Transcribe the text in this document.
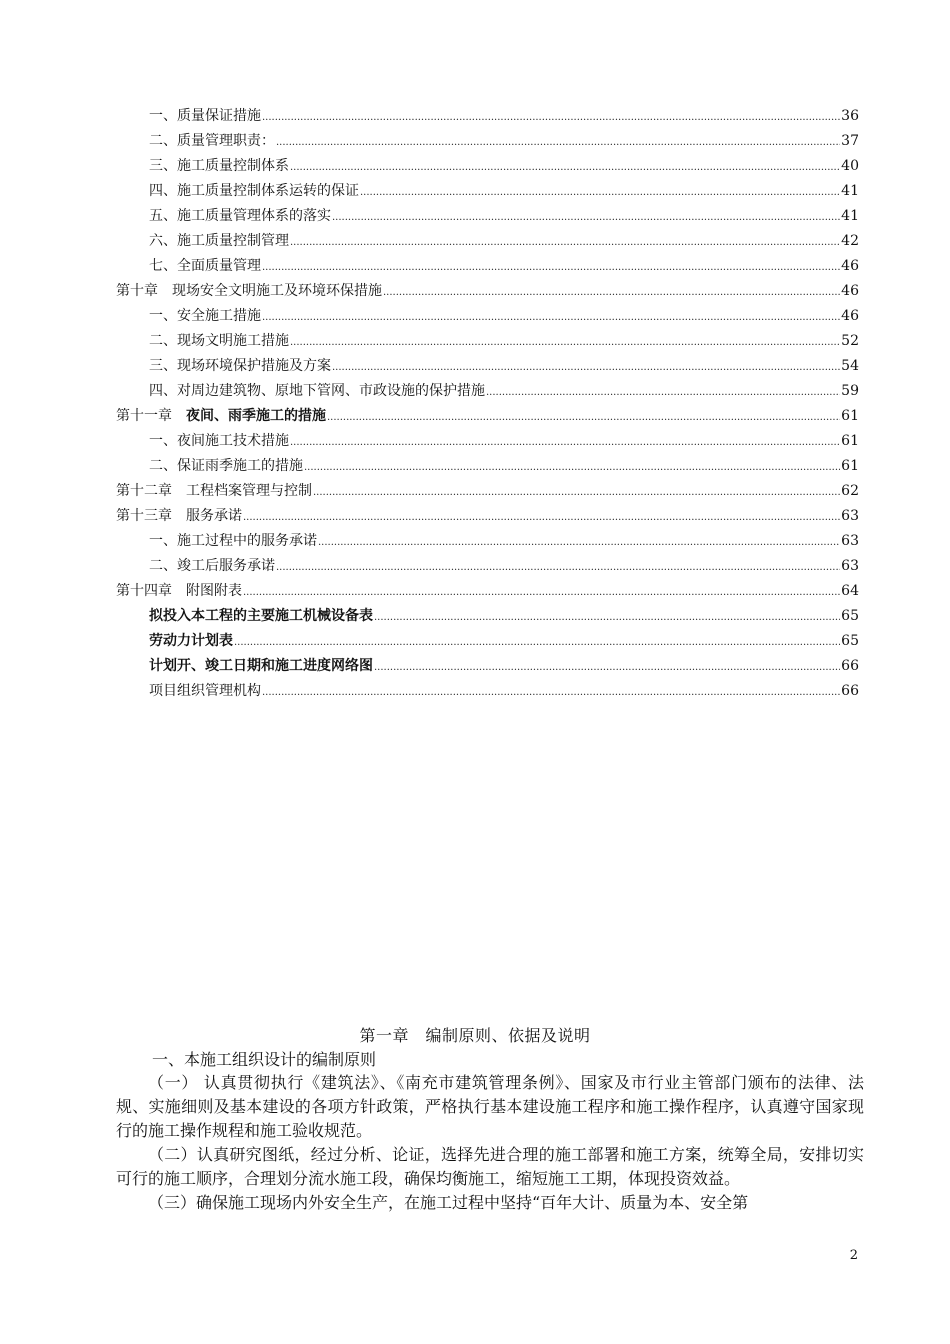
一、质量保证措施 .....	36
二、质量管理职责： .....	37
三、施工质量控制体系 .....	40
四、施工质量控制体系运转的保证 .....	41
五、施工质量管理体系的落实 .....	41
六、施工质量控制管理 .....	42
七、全面质量管理 .....	46
第十章　现场安全文明施工及环境环保措施 .....	46
一、安全施工措施 .....	46
二、现场文明施工措施 .....	52
三、现场环境保护措施及方案 .....	54
四、对周边建筑物、原地下管网、市政设施的保护措施 .....	59
第十一章　夜间、雨季施工的措施 .....	61
一、夜间施工技术措施 .....	61
二、保证雨季施工的措施 .....	61
第十二章　工程档案管理与控制 .....	62
第十三章　服务承诺 .....	63
一、施工过程中的服务承诺 .....	63
二、竣工后服务承诺 .....	63
第十四章　附图附表 .....	64
拟投入本工程的主要施工机械设备表 .....	65
劳动力计划表 .....	65
计划开、竣工日期和施工进度网络图 .....	66
项目组织管理机构 .....	66
第一章　编制原则、依据及说明
一、本施工组织设计的编制原则

（一） 认真贯彻执行《建筑法》、《南充市建筑管理条例》、国家及市行业主管部门颁布的法律、法规、实施细则及基本建设的各项方针政策，严格执行基本建设施工程序和施工操作程序，认真遵守国家现行的施工操作规程和施工验收规范。

（二）认真研究图纸，经过分析、论证，选择先进合理的施工部署和施工方案，统筹全局，安排切实可行的施工顺序，合理划分流水施工段，确保均衡施工，缩短施工工期，体现投资效益。

（三）确保施工现场内外安全生产，在施工过程中坚持“百年大计、质量为本、安全第

2
